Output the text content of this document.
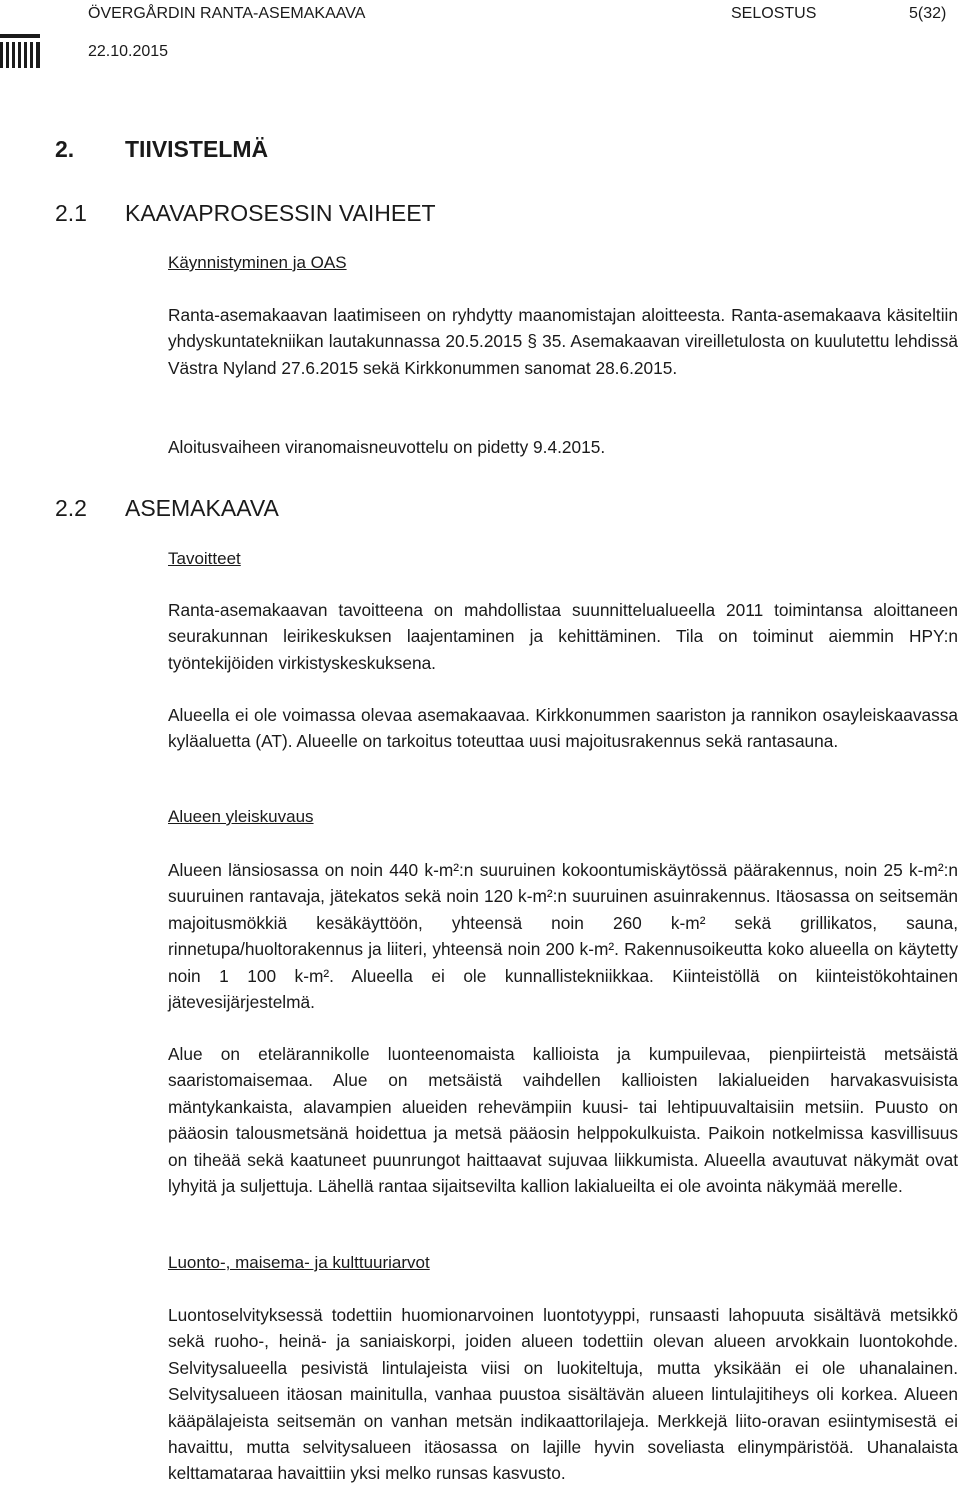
ÖVERGÅRDIN RANTA-ASEMAKAAVA
22.10.2015
SELOSTUS	5(32)
2. TIIVISTELMÄ
2.1 KAAVAPROSESSIN VAIHEET
Käynnistyminen ja OAS

Ranta-asemakaavan laatimiseen on ryhdytty maanomistajan aloitteesta. Ranta-asemakaava käsiteltiin yhdyskuntatekniikan lautakunnassa 20.5.2015 § 35. Asemakaavan vireilletulosta on kuulutettu lehdissä Västra Nyland 27.6.2015 sekä Kirkkonummen sanomat 28.6.2015.

Aloitusvaiheen viranomaisneuvottelu on pidetty 9.4.2015.

2.2 ASEMAKAAVA
Tavoitteet

Ranta-asemakaavan tavoitteena on mahdollistaa suunnittelualueella 2011 toimintansa aloittaneen seurakunnan leirikeskuksen laajentaminen ja kehittäminen. Tila on toiminut aiemmin HPY:n työntekijöiden virkistyskeskuksena.

Alueella ei ole voimassa olevaa asemakaavaa. Kirkkonummen saariston ja rannikon osayleiskaavassa kyläaluetta (AT). Alueelle on tarkoitus toteuttaa uusi majoitusrakennus sekä rantasauna.

Alueen yleiskuvaus

Alueen länsiosassa on noin 440 k-m²:n suuruinen kokoontumiskäytössä päärakennus, noin 25 k-m²:n suuruinen rantavaja, jätekatos sekä noin 120 k-m²:n suuruinen asuinrakennus. Itäosassa on seitsemän majoitusmökkiä kesäkäyttöön, yhteensä noin 260 k-m² sekä grillikatos, sauna, rinnetupa/huoltorakennus ja liiteri, yhteensä noin 200 k-m². Rakennusoikeutta koko alueella on käytetty noin 1 100 k-m². Alueella ei ole kunnallistekniikkaa. Kiinteistöllä on kiinteistökohtainen jätevesijärjestelmä.

Alue on etelärannikolle luonteenomaista kallioista ja kumpuilevaa, pienpiirteistä metsäistä saaristomaisemaa. Alue on metsäistä vaihdellen kallioisten lakialueiden harvakasvuisista mäntykankaista, alavampien alueiden rehevämpiin kuusi- tai lehtipuuvaltaisiin metsiin. Puusto on pääosin talousmetsänä hoidettua ja metsä pääosin helppokulkuista. Paikoin notkelmissa kasvillisuus on tiheää sekä kaatuneet puunrungot haittaavat sujuvaa liikkumista. Alueella avautuvat näkymät ovat lyhyitä ja suljettuja. Lähellä rantaa sijaitsevilta kallion lakialueilta ei ole avointa näkymää merelle.

Luonto-, maisema- ja kulttuuriarvot

Luontoselvityksessä todettiin huomionarvoinen luontotyyppi, runsaasti lahopuuta sisältävä metsikkö sekä ruoho-, heinä- ja saniaiskorpi, joiden alueen todettiin olevan alueen arvokkain luontokohde. Selvitysalueella pesivistä lintulajeista viisi on luokiteltuja, mutta yksikään ei ole uhanalainen. Selvitysalueen itäosan mainitulla, vanhaa puustoa sisältävän alueen lintulajitiheys oli korkea. Alueen kääpälajeista seitsemän on vanhan metsän indikaattorilajeja. Merkkejä liito-oravan esiintymisestä ei havaittu, mutta selvitysalueen itäosassa on lajille hyvin soveliasta elinympäristöä. Uhanalaista kelttamataraa havaittiin yksi melko runsas kasvusto.
